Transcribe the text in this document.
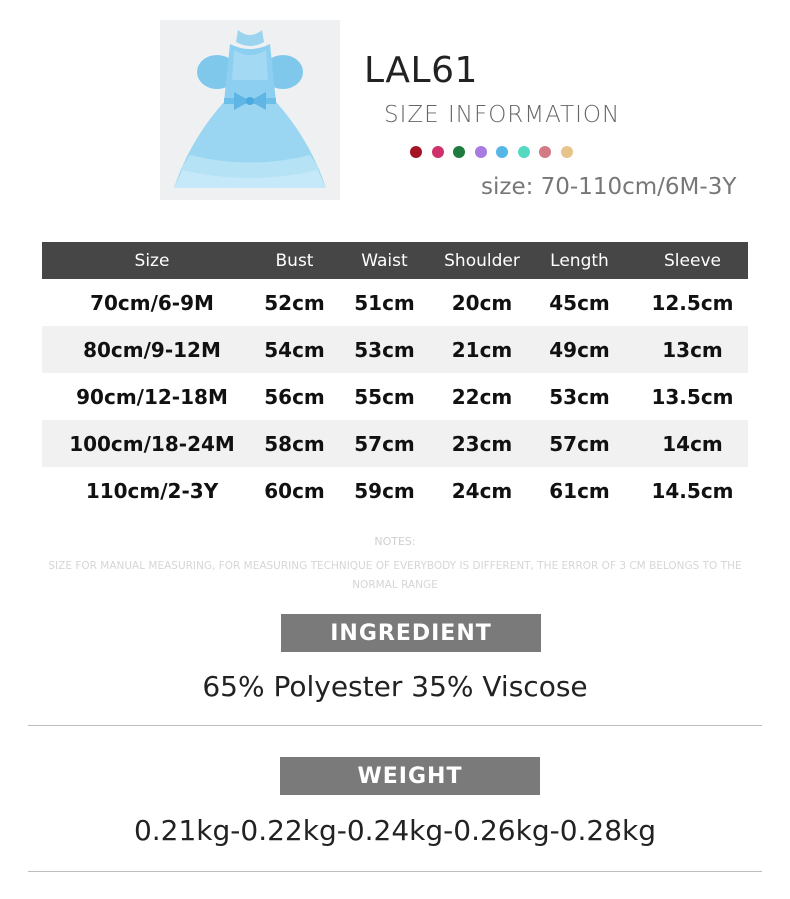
LAL61
SIZE INFORMATION
size: 70-110cm/6M-3Y
Size	Bust	Waist	Shoulder	Length	Sleeve
70cm/6-9M	52cm	51cm	20cm	45cm	12.5cm
80cm/9-12M	54cm	53cm	21cm	49cm	13cm
90cm/12-18M	56cm	55cm	22cm	53cm	13.5cm
100cm/18-24M	58cm	57cm	23cm	57cm	14cm
110cm/2-3Y	60cm	59cm	24cm	61cm	14.5cm
NOTES:
SIZE FOR MANUAL MEASURING, FOR MEASURING TECHNIQUE OF EVERYBODY IS DIFFERENT, THE ERROR OF 3 CM BELONGS TO THE NORMAL RANGE
INGREDIENT
65% Polyester 35% Viscose
WEIGHT
0.21kg-0.22kg-0.24kg-0.26kg-0.28kg
